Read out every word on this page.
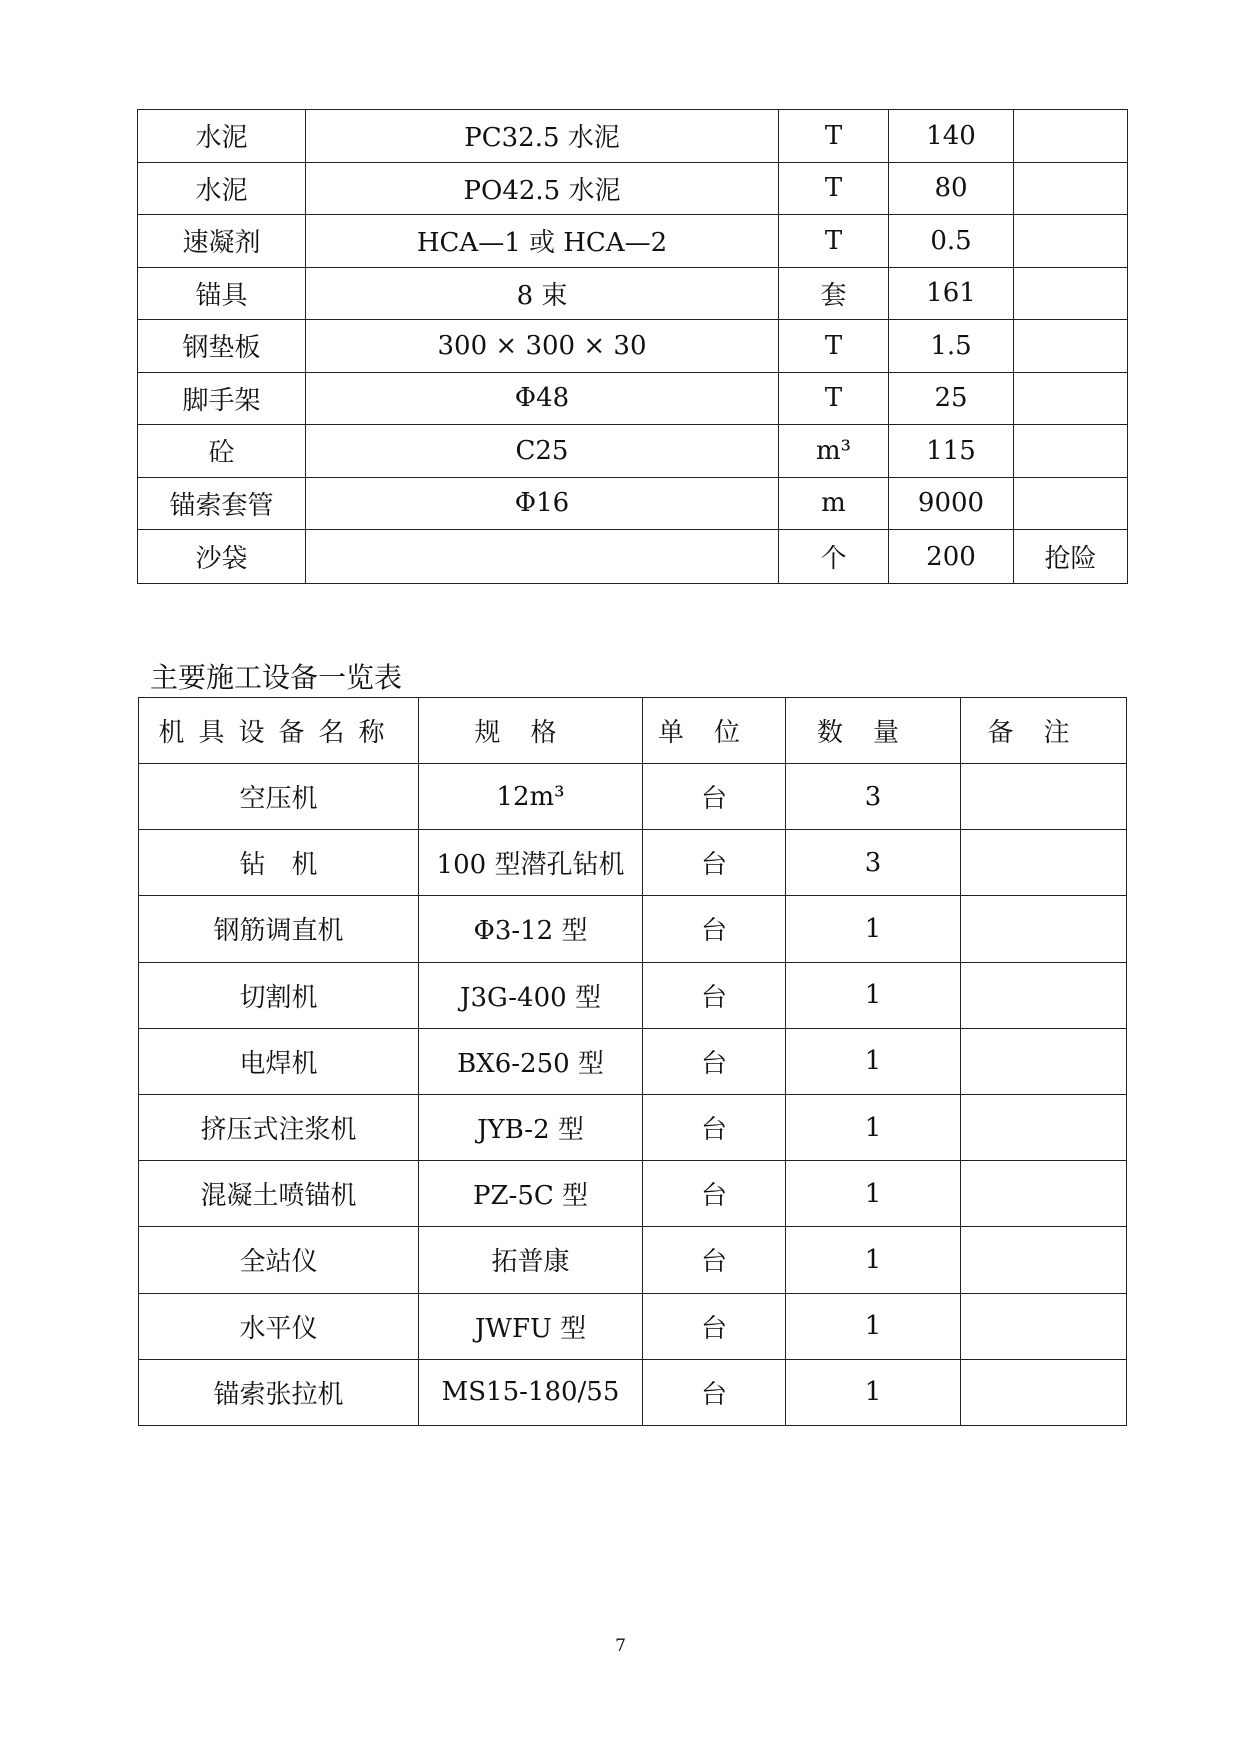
水泥	PC32.5 水泥	T	140	
水泥	PO42.5 水泥	T	80	
速凝剂	HCA—1 或 HCA—2	T	0.5	
锚具	8 束	套	161	
钢垫板	300 × 300 × 30	T	1.5	
脚手架	Φ48	T	25	
砼	C25	m³	115	
锚索套管	Φ16	m	9000	
沙袋		个	200	抢险
主要施工设备一览表
机具设备名称	规格	单位	数量	备注
空压机	12m³	台	3	
钻　机	100 型潜孔钻机	台	3	
钢筋调直机	Φ3-12 型	台	1	
切割机	J3G-400 型	台	1	
电焊机	BX6-250 型	台	1	
挤压式注浆机	JYB-2 型	台	1	
混凝土喷锚机	PZ-5C 型	台	1	
全站仪	拓普康	台	1	
水平仪	JWFU 型	台	1	
锚索张拉机	MS15-180/55	台	1	
7
